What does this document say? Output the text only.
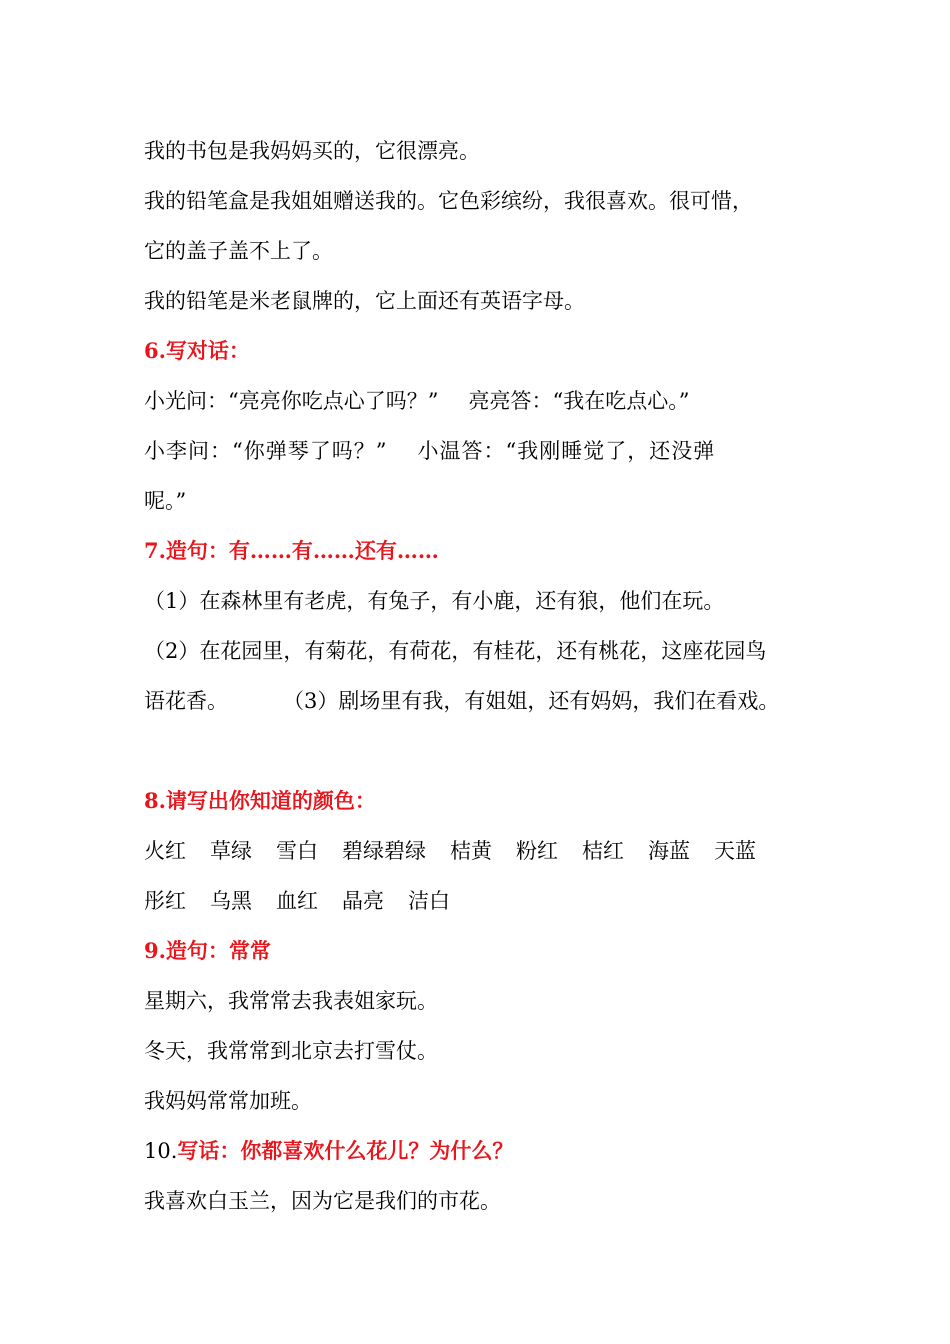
我的书包是我妈妈买的，它很漂亮。
我的铅笔盒是我姐姐赠送我的。它色彩缤纷，我很喜欢。很可惜，
它的盖子盖不上了。
我的铅笔是米老鼠牌的，它上面还有英语字母。
6.写对话：
小光问：“亮亮你吃点心了吗？” 亮亮答：“我在吃点心。”
小李问：“你弹琴了吗？” 小温答：“我刚睡觉了，还没弹
呢。”
7.造句：有……有……还有……
（1）在森林里有老虎，有兔子，有小鹿，还有狼，他们在玩。
（2）在花园里，有菊花，有荷花，有桂花，还有桃花，这座花园鸟
语花香。	（3）剧场里有我，有姐姐，还有妈妈，我们在看戏。
8.请写出你知道的颜色：
火红 草绿 雪白 碧绿碧绿 桔黄 粉红 桔红 海蓝 天蓝
彤红 乌黑 血红 晶亮 洁白
9.造句：常常
星期六，我常常去我表姐家玩。
冬天，我常常到北京去打雪仗。
我妈妈常常加班。
10.写话：你都喜欢什么花儿？为什么？
我喜欢白玉兰，因为它是我们的市花。
